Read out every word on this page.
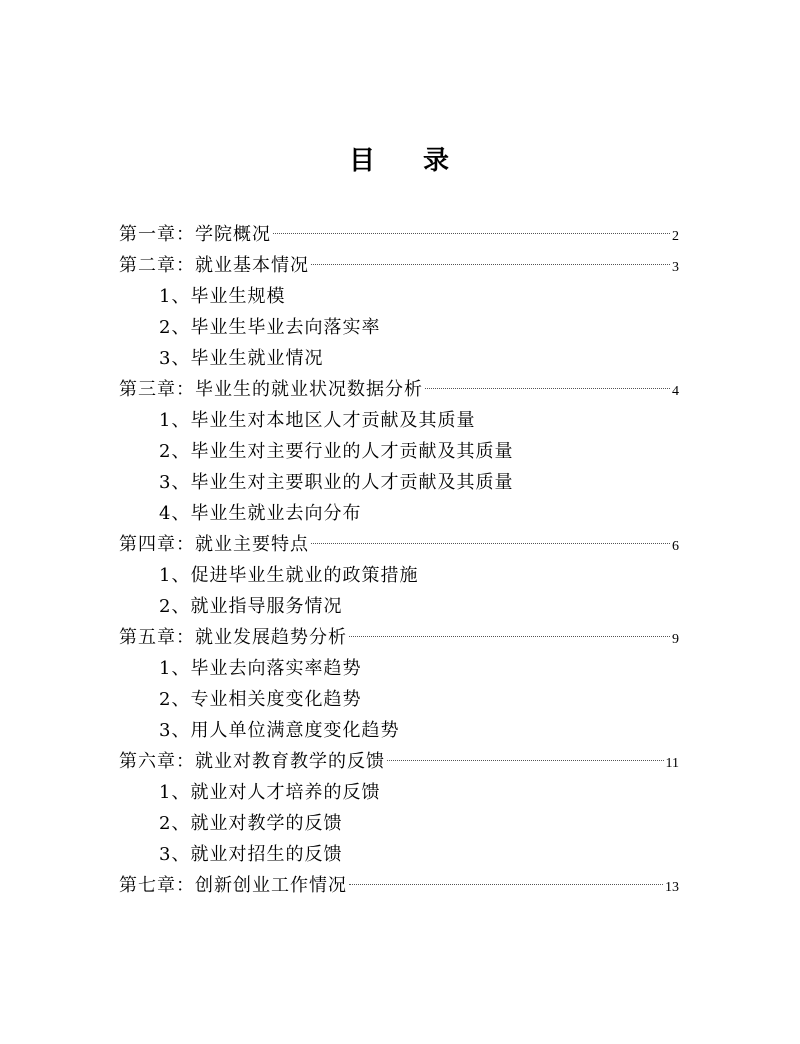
目 录
第一章：学院概况	2
第二章：就业基本情况	3
1、毕业生规模
2、毕业生毕业去向落实率
3、毕业生就业情况
第三章：毕业生的就业状况数据分析	4
1、毕业生对本地区人才贡献及其质量
2、毕业生对主要行业的人才贡献及其质量
3、毕业生对主要职业的人才贡献及其质量
4、毕业生就业去向分布
第四章：就业主要特点	6
1、促进毕业生就业的政策措施
2、就业指导服务情况
第五章：就业发展趋势分析	9
1、毕业去向落实率趋势
2、专业相关度变化趋势
3、用人单位满意度变化趋势
第六章：就业对教育教学的反馈	11
1、就业对人才培养的反馈
2、就业对教学的反馈
3、就业对招生的反馈
第七章：创新创业工作情况	13
